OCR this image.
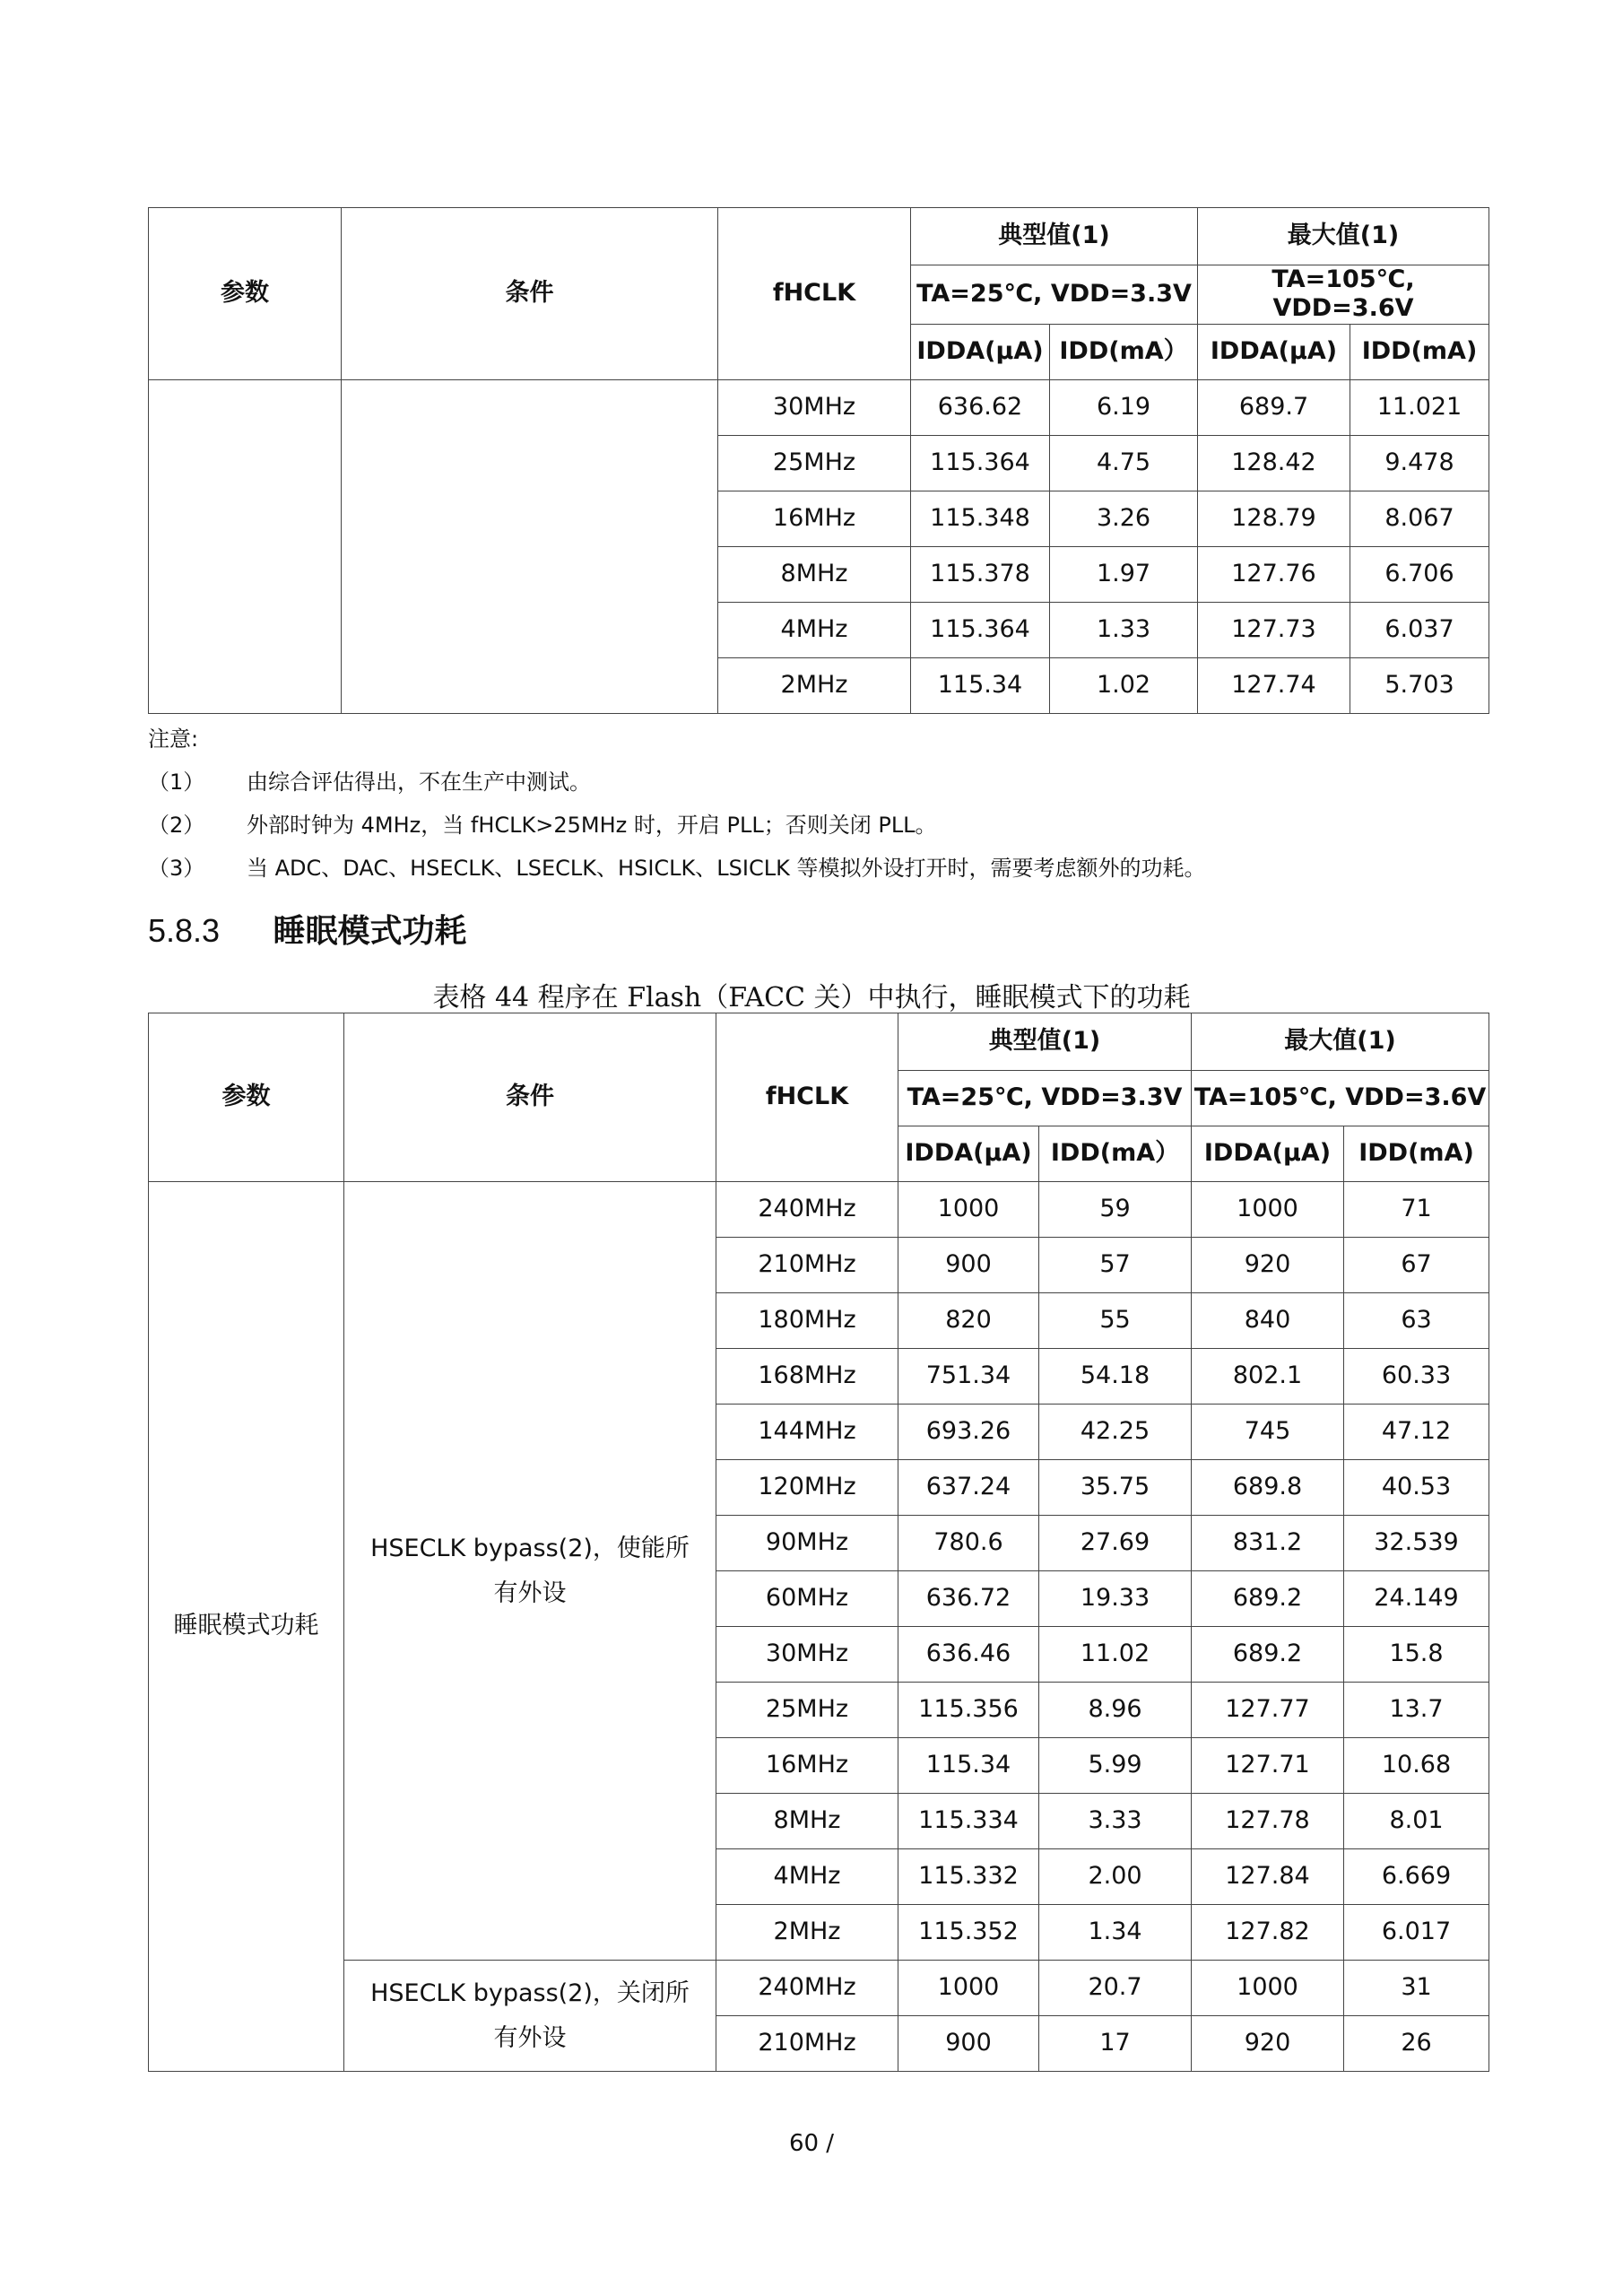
参数	条件	fHCLK	典型值(1)		最大值(1)	
			TA=25℃, VDD=3.3V		TA=105℃, VDD=3.6V	
			IDDA(μA)	IDD(mA）	IDDA(μA)	IDD(mA)
		30MHz	636.62	6.19	689.7	11.021
		25MHz	115.364	4.75	128.42	9.478
		16MHz	115.348	3.26	128.79	8.067
		8MHz	115.378	1.97	127.76	6.706
		4MHz	115.364	1.33	127.73	6.037
		2MHz	115.34	1.02	127.74	5.703
注意:
（1）	由综合评估得出，不在生产中测试。
（2）	外部时钟为 4MHz，当 fHCLK>25MHz 时，开启 PLL；否则关闭 PLL。
（3）	当 ADC、DAC、HSECLK、LSECLK、HSICLK、LSICLK 等模拟外设打开时，需要考虑额外的功耗。
5.8.3 睡眠模式功耗
表格 44 程序在 Flash（FACC 关）中执行，睡眠模式下的功耗
参数	条件	fHCLK	典型值(1)		最大值(1)	
			TA=25℃, VDD=3.3V		TA=105℃, VDD=3.6V	
			IDDA(μA)	IDD(mA）	IDDA(μA)	IDD(mA)
睡眠模式功耗	HSECLK bypass(2)，使能所有外设	240MHz	1000	59	1000	71
		210MHz	900	57	920	67
		180MHz	820	55	840	63
		168MHz	751.34	54.18	802.1	60.33
		144MHz	693.26	42.25	745	47.12
		120MHz	637.24	35.75	689.8	40.53
		90MHz	780.6	27.69	831.2	32.539
		60MHz	636.72	19.33	689.2	24.149
		30MHz	636.46	11.02	689.2	15.8
		25MHz	115.356	8.96	127.77	13.7
		16MHz	115.34	5.99	127.71	10.68
		8MHz	115.334	3.33	127.78	8.01
		4MHz	115.332	2.00	127.84	6.669
		2MHz	115.352	1.34	127.82	6.017
	HSECLK bypass(2)，关闭所有外设	240MHz	1000	20.7	1000	31
		210MHz	900	17	920	26
60 /
